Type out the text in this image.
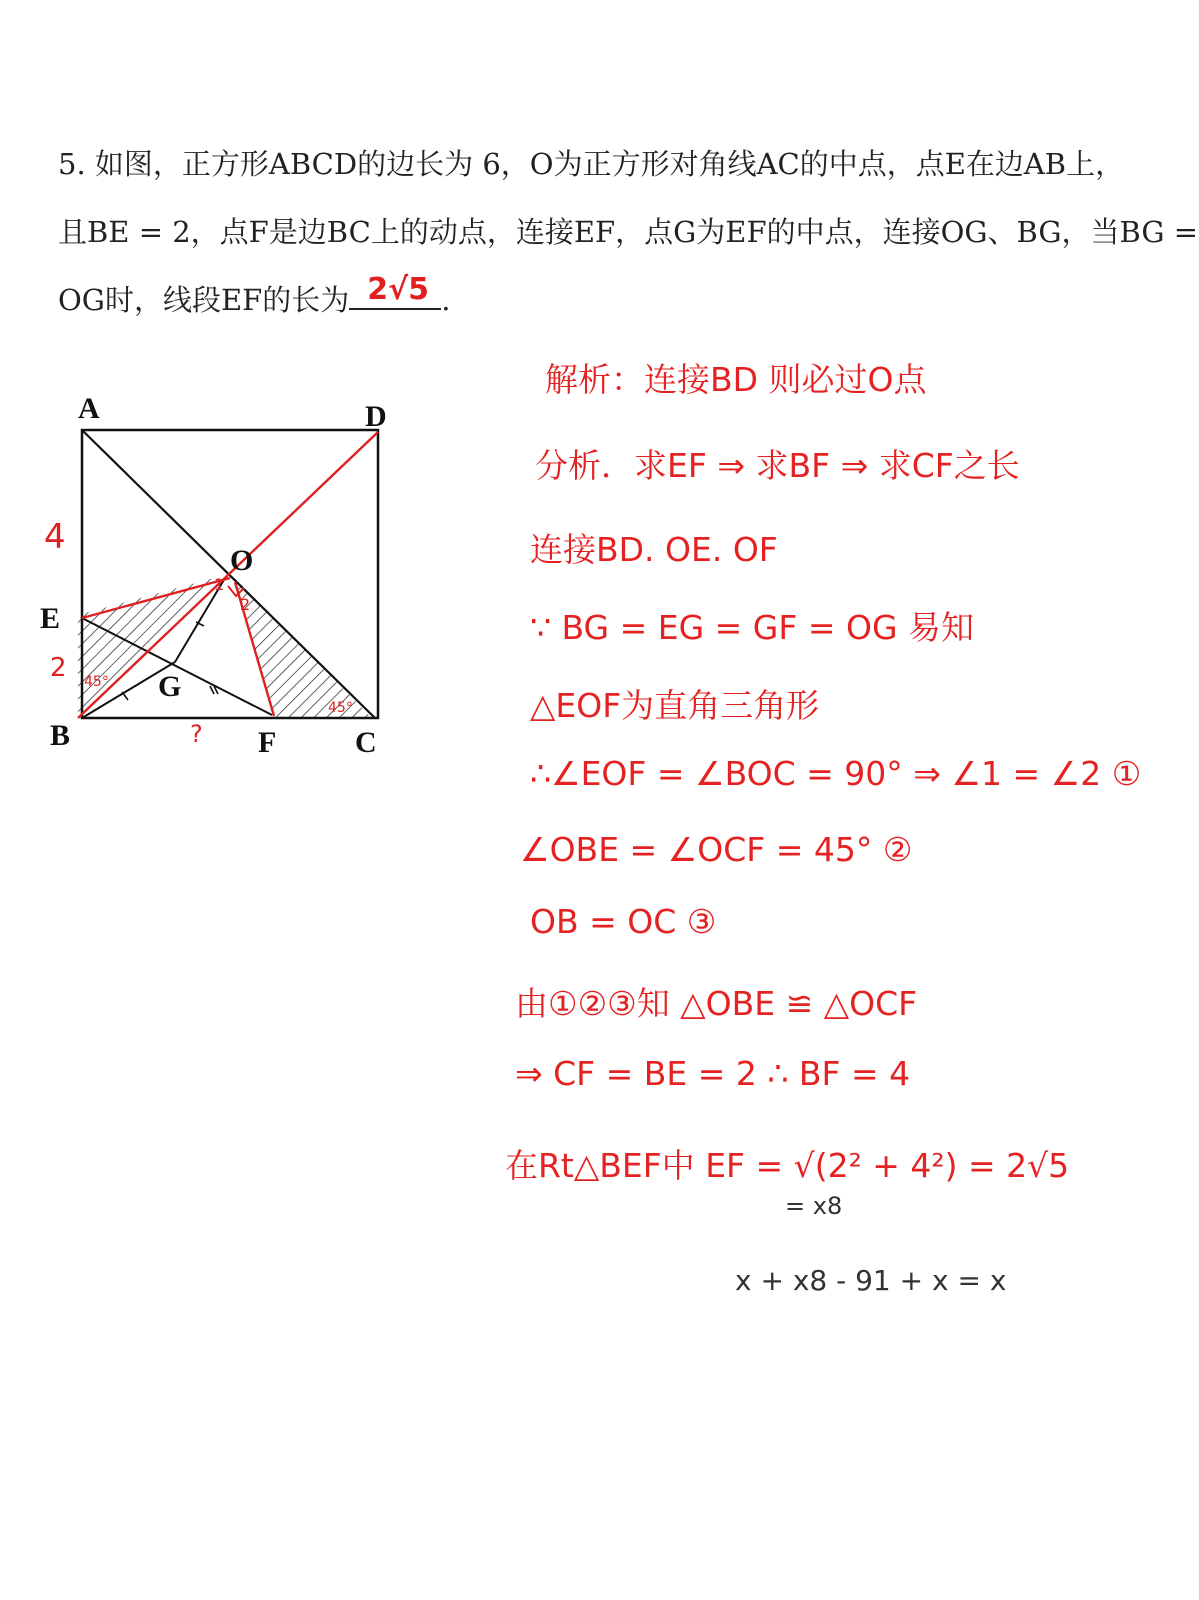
5. 如图，正方形ABCD的边长为 6，O为正方形对角线AC的中点，点E在边AB上，
且BE = 2，点F是边BC上的动点，连接EF，点G为EF的中点，连接OG、BG，当BG =
OG时，线段EF的长为 2√5 .
A	D
O
E
G
B	F	C
4
2
?
45°
45°
1
2
解析：连接BD 则必过O点
分析．求EF ⇒ 求BF ⇒ 求CF之长
连接BD. OE. OF
∵ BG = EG = GF = OG 易知
△EOF为直角三角形
∴∠EOF = ∠BOC = 90° ⇒ ∠1 = ∠2 ①
∠OBE = ∠OCF = 45° ②
OB = OC ③
由①②③知 △OBE ≌ △OCF
⇒ CF = BE = 2 ∴ BF = 4
在Rt△BEF中 EF = √(2² + 4²) = 2√5
= x8
x + x8 - 91 + x = x
